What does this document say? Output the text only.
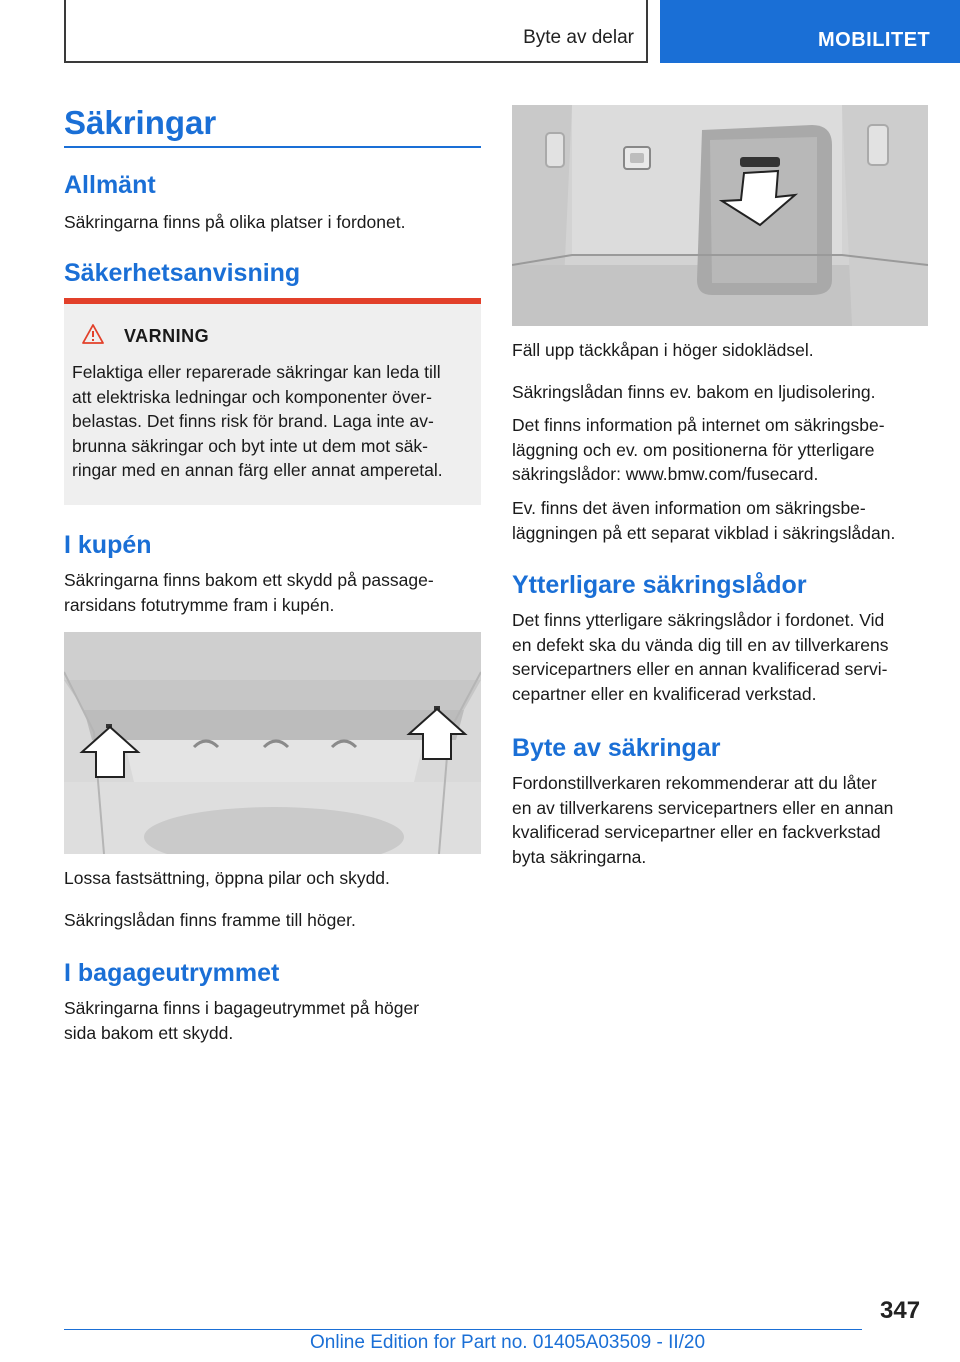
Byte av delar	MOBILITET
Säkringar
Allmänt

Säkringarna finns på olika platser i fordonet.

Säkerhetsanvisning
VARNING
Felaktiga eller reparerade säkringar kan leda till
att elektriska ledningar och komponenter över-
belastas. Det finns risk för brand. Laga inte av-
brunna säkringar och byt inte ut dem mot säk-
ringar med en annan färg eller annat amperetal.
I kupén
Säkringarna finns bakom ett skydd på passage-
rarsidans fotutrymme fram i kupén.

Lossa fastsättning, öppna pilar och skydd.

Säkringslådan finns framme till höger.

I bagageutrymmet
Säkringarna finns i bagageutrymmet på höger
sida bakom ett skydd.

Fäll upp täckkåpan i höger sidoklädsel.

Säkringslådan finns ev. bakom en ljudisolering.

Det finns information på internet om säkringsbe-
läggning och ev. om positionerna för ytterligare
säkringslådor: www.bmw.com/fusecard.
Ev. finns det även information om säkringsbe-
läggningen på ett separat vikblad i säkringslådan.
Ytterligare säkringslådor
Det finns ytterligare säkringslådor i fordonet. Vid
en defekt ska du vända dig till en av tillverkarens
servicepartners eller en annan kvalificerad servi-
cepartner eller en kvalificerad verkstad.
Byte av säkringar
Fordonstillverkaren rekommenderar att du låter
en av tillverkarens servicepartners eller en annan
kvalificerad servicepartner eller en fackverkstad
byta säkringarna.
347
Online Edition for Part no. 01405A03509 - II/20
